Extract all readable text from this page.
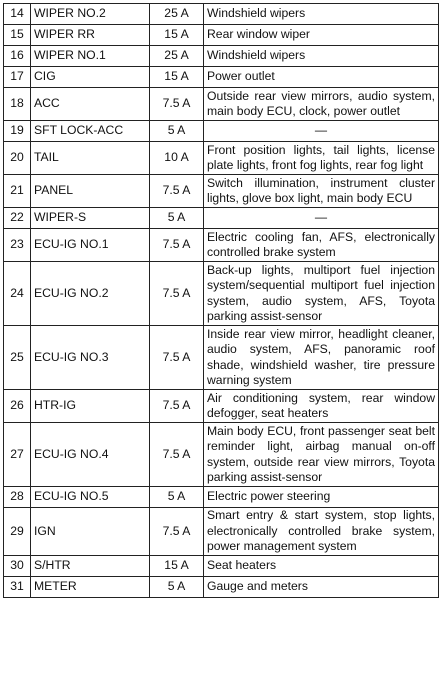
14	WIPER NO.2	25 A	Windshield wipers
15	WIPER RR	15 A	Rear window wiper
16	WIPER NO.1	25 A	Windshield wipers
17	CIG	15 A	Power outlet
18	ACC	7.5 A	Outside rear view mirrors, audio system, main body ECU, clock, power outlet
19	SFT LOCK-ACC	5 A	—
20	TAIL	10 A	Front position lights, tail lights, license plate lights, front fog lights, rear fog light
21	PANEL	7.5 A	Switch illumination, instrument cluster lights, glove box light, main body ECU
22	WIPER-S	5 A	—
23	ECU-IG NO.1	7.5 A	Electric cooling fan, AFS, electronically controlled brake system
24	ECU-IG NO.2	7.5 A	Back-up lights, multiport fuel injection system/sequential multiport fuel injection system, audio system, AFS, Toyota parking assist-sensor
25	ECU-IG NO.3	7.5 A	Inside rear view mirror, headlight cleaner, audio system, AFS, panoramic roof shade, windshield washer, tire pressure warning system
26	HTR-IG	7.5 A	Air conditioning system, rear window defogger, seat heaters
27	ECU-IG NO.4	7.5 A	Main body ECU, front passenger seat belt reminder light, airbag manual on-off system, outside rear view mirrors, Toyota parking assist-sensor
28	ECU-IG NO.5	5 A	Electric power steering
29	IGN	7.5 A	Smart entry & start system, stop lights, electronically controlled brake system, power management system
30	S/HTR	15 A	Seat heaters
31	METER	5 A	Gauge and meters
